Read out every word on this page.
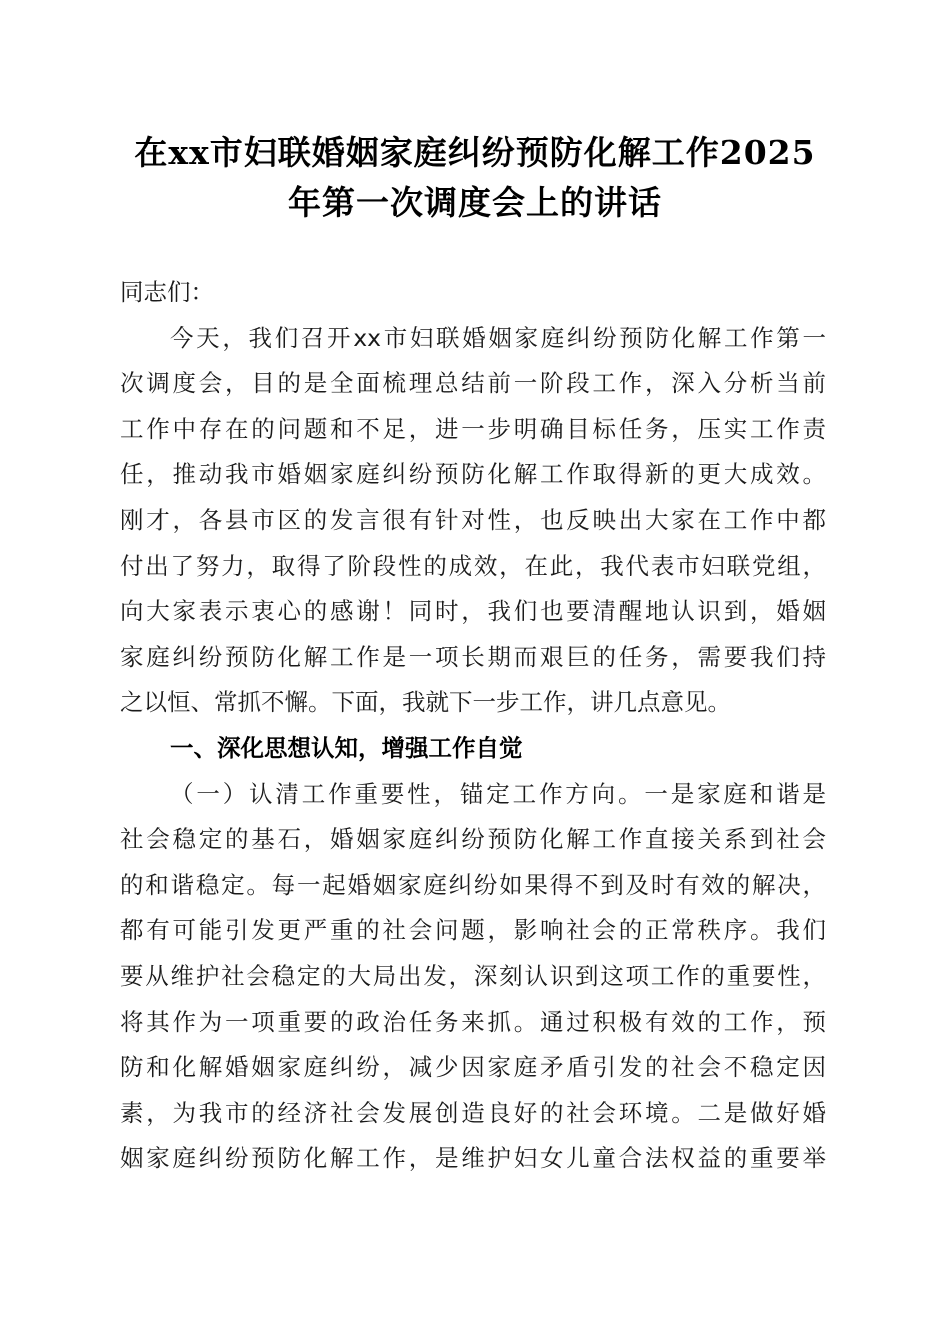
在xx市妇联婚姻家庭纠纷预防化解工作2025
年第一次调度会上的讲话
同志们：
今天，我们召开xx市妇联婚姻家庭纠纷预防化解工作第一
次调度会，目的是全面梳理总结前一阶段工作，深入分析当前
工作中存在的问题和不足，进一步明确目标任务，压实工作责
任，推动我市婚姻家庭纠纷预防化解工作取得新的更大成效。
刚才，各县市区的发言很有针对性，也反映出大家在工作中都
付出了努力，取得了阶段性的成效，在此，我代表市妇联党组，
向大家表示衷心的感谢！同时，我们也要清醒地认识到，婚姻
家庭纠纷预防化解工作是一项长期而艰巨的任务，需要我们持
之以恒、常抓不懈。下面，我就下一步工作，讲几点意见。
一、深化思想认知，增强工作自觉
（一）认清工作重要性，锚定工作方向。一是家庭和谐是
社会稳定的基石，婚姻家庭纠纷预防化解工作直接关系到社会
的和谐稳定。每一起婚姻家庭纠纷如果得不到及时有效的解决，
都有可能引发更严重的社会问题，影响社会的正常秩序。我们
要从维护社会稳定的大局出发，深刻认识到这项工作的重要性，
将其作为一项重要的政治任务来抓。通过积极有效的工作，预
防和化解婚姻家庭纠纷，减少因家庭矛盾引发的社会不稳定因
素，为我市的经济社会发展创造良好的社会环境。二是做好婚
姻家庭纠纷预防化解工作，是维护妇女儿童合法权益的重要举
